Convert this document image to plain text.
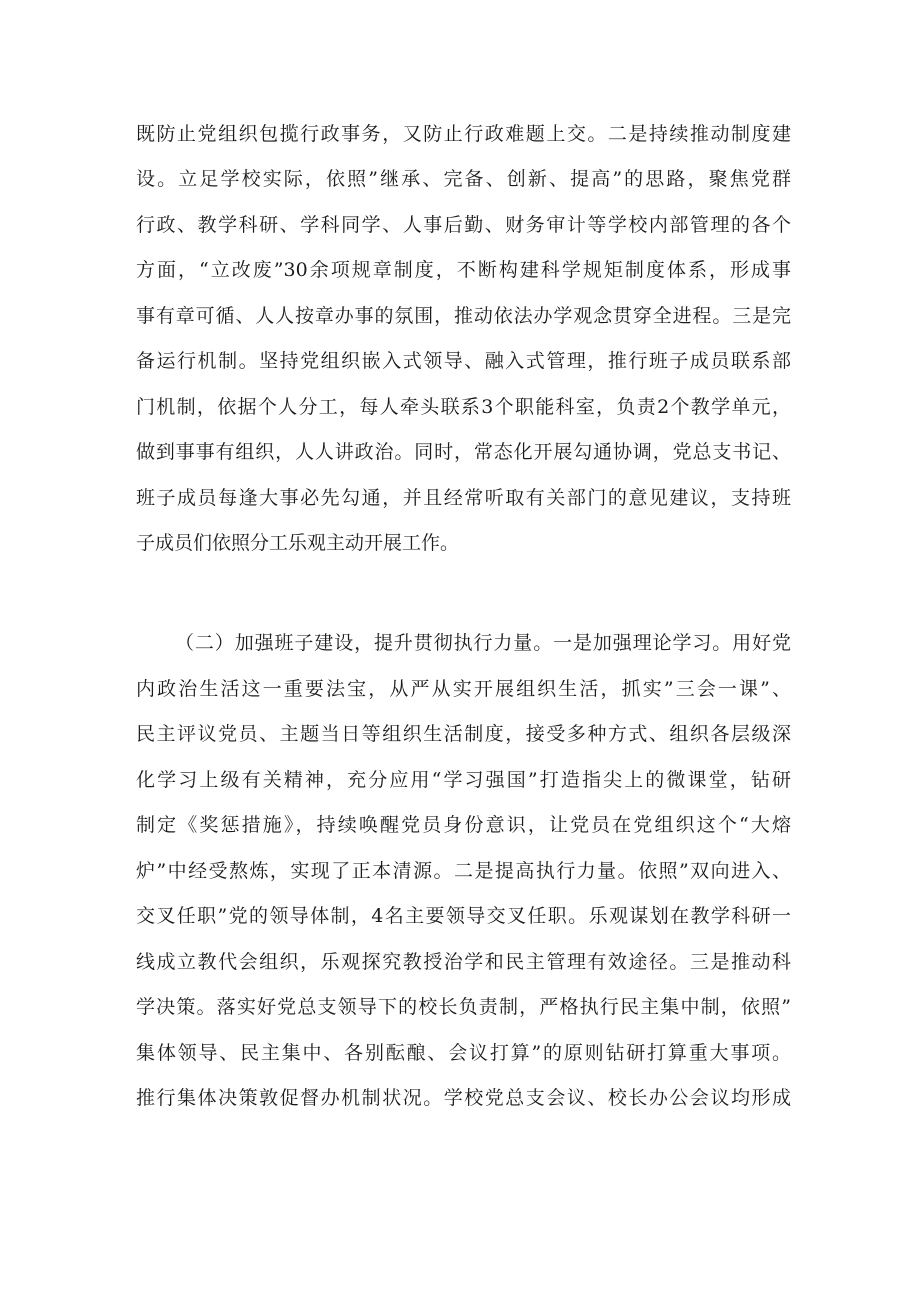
既防止党组织包揽行政事务，又防止行政难题上交。二是持续推动制度建
设。立足学校实际，依照”继承、完备、创新、提高”的思路，聚焦党群
行政、教学科研、学科同学、人事后勤、财务审计等学校内部管理的各个
方面，“立改废”30余项规章制度，不断构建科学规矩制度体系，形成事
事有章可循、人人按章办事的氛围，推动依法办学观念贯穿全进程。三是完
备运行机制。坚持党组织嵌入式领导、融入式管理，推行班子成员联系部
门机制，依据个人分工，每人牵头联系3个职能科室，负责2个教学单元，
做到事事有组织，人人讲政治。同时，常态化开展勾通协调，党总支书记、
班子成员每逢大事必先勾通，并且经常听取有关部门的意见建议，支持班
子成员们依照分工乐观主动开展工作。
（二）加强班子建设，提升贯彻执行力量。一是加强理论学习。用好党
内政治生活这一重要法宝，从严从实开展组织生活，抓实”三会一课”、
民主评议党员、主题当日等组织生活制度，接受多种方式、组织各层级深
化学习上级有关精神，充分应用“学习强国”打造指尖上的微课堂，钻研
制定《奖惩措施》，持续唤醒党员身份意识，让党员在党组织这个“大熔
炉”中经受熬炼，实现了正本清源。二是提高执行力量。依照”双向进入、
交叉任职”党的领导体制，4名主要领导交叉任职。乐观谋划在教学科研一
线成立教代会组织，乐观探究教授治学和民主管理有效途径。三是推动科
学决策。落实好党总支领导下的校长负责制，严格执行民主集中制，依照”
集体领导、民主集中、各别酝酿、会议打算”的原则钻研打算重大事项。
推行集体决策敦促督办机制状况。学校党总支会议、校长办公会议均形成
